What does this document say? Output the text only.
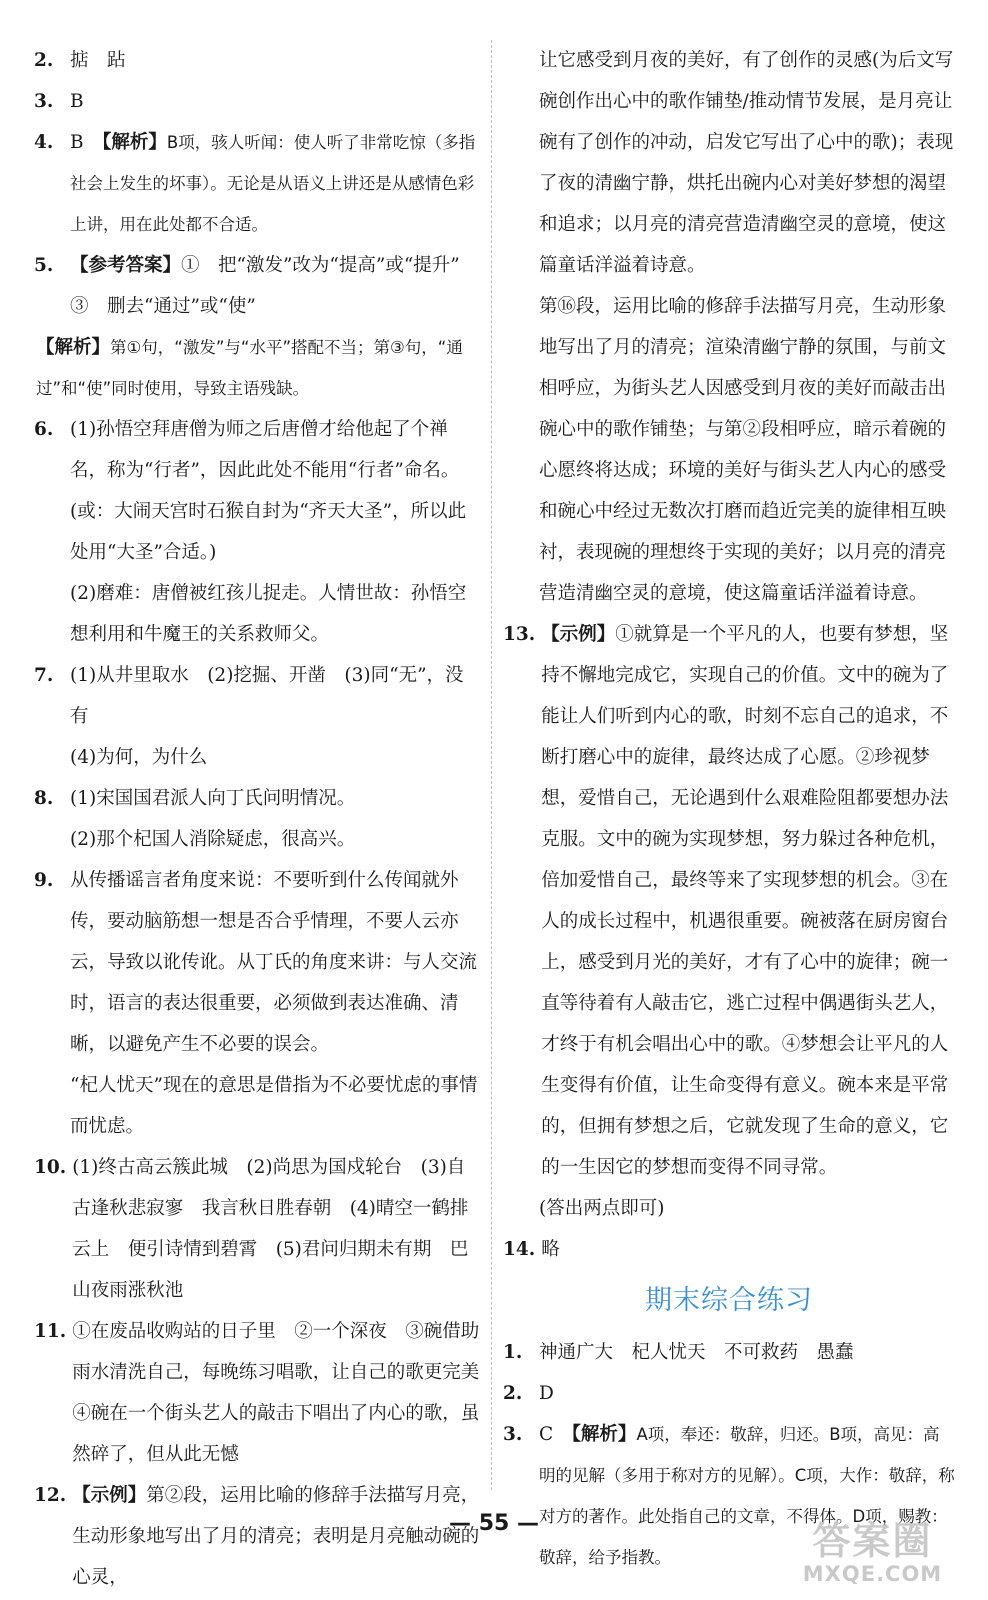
2. 掂　跕
3. B
4. B　 【解析】B项，骇人听闻：使人听了非常吃惊（多指社会上发生的坏事）。无论是从语义上讲还是从感情色彩上讲，用在此处都不合适。
5. 【参考答案】①　把“激发”改为“提高”或“提升”
③　删去“通过”或“使”
【解析】第①句，“激发”与“水平”搭配不当；第③句，“通过”和“使”同时使用，导致主语残缺。
6. (1)孙悟空拜唐僧为师之后唐僧才给他起了个禅名，称为“行者”，因此此处不能用“行者”命名。(或：大闹天宫时石猴自封为“齐天大圣”，所以此处用“大圣”合适。)
(2)磨难：唐僧被红孩儿捉走。人情世故：孙悟空想利用和牛魔王的关系救师父。
7. (1)从井里取水　(2)挖掘、开凿　(3)同“无”，没有
(4)为何，为什么
8. (1)宋国国君派人向丁氏问明情况。
(2)那个杞国人消除疑虑，很高兴。
9. 从传播谣言者角度来说：不要听到什么传闻就外传，要动脑筋想一想是否合乎情理，不要人云亦云，导致以讹传讹。从丁氏的角度来讲：与人交流时，语言的表达很重要，必须做到表达准确、清晰，以避免产生不必要的误会。
“杞人忧天”现在的意思是借指为不必要忧虑的事情而忧虑。
10. (1)终古高云簇此城　(2)尚思为国戍轮台　(3)自古逢秋悲寂寥　我言秋日胜春朝　(4)晴空一鹤排云上　便引诗情到碧霄　(5)君问归期未有期　巴山夜雨涨秋池
11. ①在废品收购站的日子里　②一个深夜　③碗借助雨水清洗自己，每晚练习唱歌，让自己的歌更完美　④碗在一个街头艺人的敲击下唱出了内心的歌，虽然碎了，但从此无憾
12. 【示例】第②段，运用比喻的修辞手法描写月亮，生动形象地写出了月的清亮；表明是月亮触动碗的心灵，
让它感受到月夜的美好，有了创作的灵感(为后文写碗创作出心中的歌作铺垫/推动情节发展，是月亮让碗有了创作的冲动，启发它写出了心中的歌)；表现了夜的清幽宁静，烘托出碗内心对美好梦想的渴望和追求；以月亮的清亮营造清幽空灵的意境，使这篇童话洋溢着诗意。
第⑯段，运用比喻的修辞手法描写月亮，生动形象地写出了月的清亮；渲染清幽宁静的氛围，与前文相呼应，为街头艺人因感受到月夜的美好而敲击出碗心中的歌作铺垫；与第②段相呼应，暗示着碗的心愿终将达成；环境的美好与街头艺人内心的感受和碗心中经过无数次打磨而趋近完美的旋律相互映衬，表现碗的理想终于实现的美好；以月亮的清亮营造清幽空灵的意境，使这篇童话洋溢着诗意。
13. 【示例】①就算是一个平凡的人，也要有梦想，坚持不懈地完成它，实现自己的价值。文中的碗为了能让人们听到内心的歌，时刻不忘自己的追求，不断打磨心中的旋律，最终达成了心愿。②珍视梦想，爱惜自己，无论遇到什么艰难险阻都要想办法克服。文中的碗为实现梦想，努力躲过各种危机，倍加爱惜自己，最终等来了实现梦想的机会。③在人的成长过程中，机遇很重要。碗被落在厨房窗台上，感受到月光的美好，才有了心中的旋律；碗一直等待着有人敲击它，逃亡过程中偶遇街头艺人，才终于有机会唱出心中的歌。④梦想会让平凡的人生变得有价值，让生命变得有意义。碗本来是平常的，但拥有梦想之后，它就发现了生命的意义，它的一生因它的梦想而变得不同寻常。
(答出两点即可)
14. 略
期末综合练习
1. 神通广大　杞人忧天　不可救药　愚蠢
2. D
3. C　 【解析】A项，奉还：敬辞，归还。B项，高见：高明的见解（多用于称对方的见解）。C项，大作：敬辞，称对方的著作。此处指自己的文章，不得体。D项，赐教：敬辞，给予指教。
— 55 —	答案圈
MXQE.COM
